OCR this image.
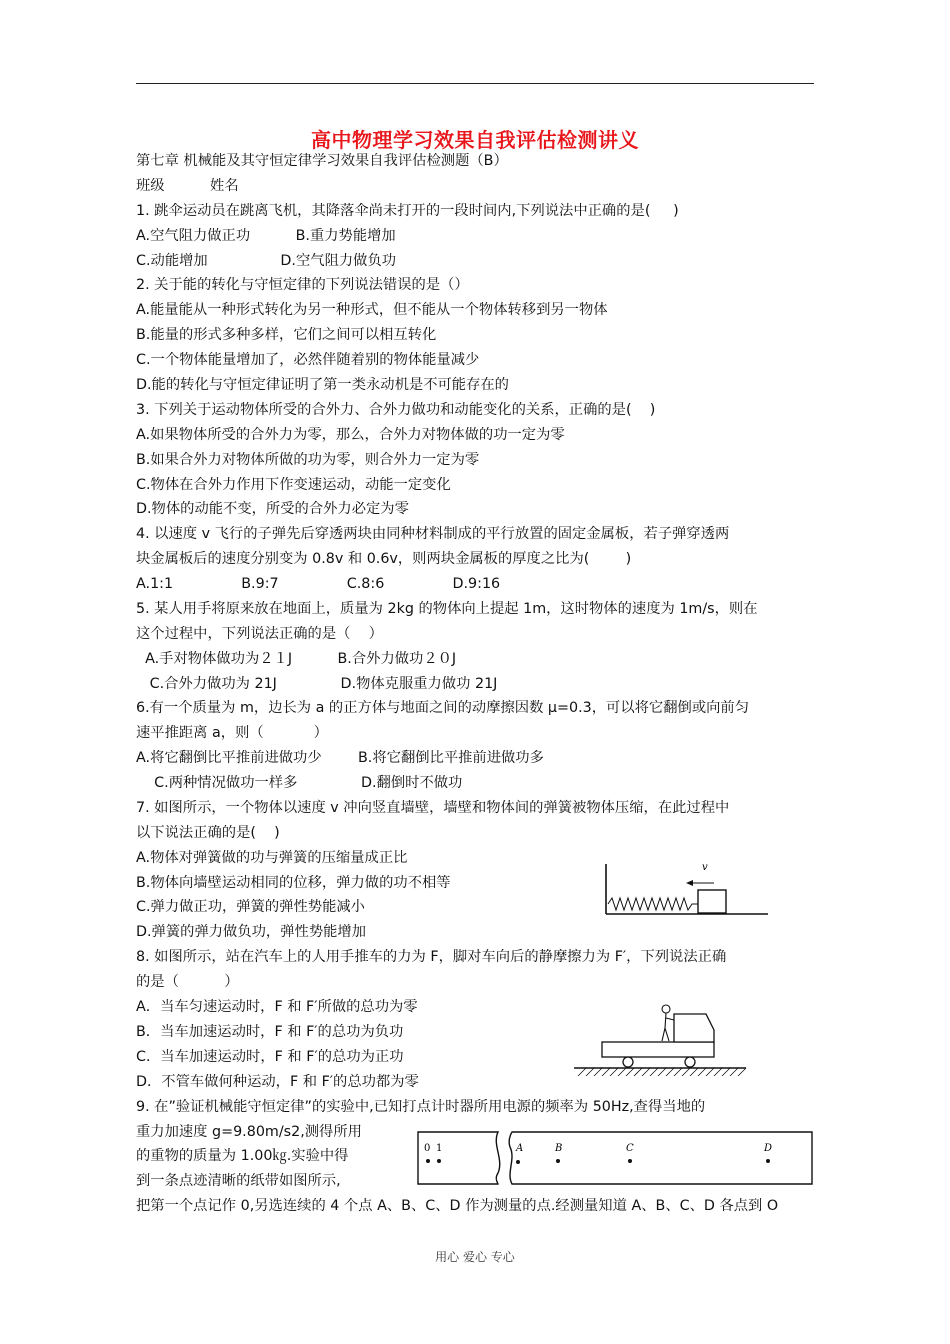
高中物理学习效果自我评估检测讲义
第七章 机械能及其守恒定律学习效果自我评估检测题（B）
班级          姓名
1. 跳伞运动员在跳离飞机，其降落伞尚未打开的一段时间内,下列说法中正确的是(     )
A.空气阻力做正功          B.重力势能增加
C.动能增加                D.空气阻力做负功
2. 关于能的转化与守恒定律的下列说法错误的是（）
A.能量能从一种形式转化为另一种形式，但不能从一个物体转移到另一物体
B.能量的形式多种多样，它们之间可以相互转化
C.一个物体能量增加了，必然伴随着别的物体能量减少
D.能的转化与守恒定律证明了第一类永动机是不可能存在的
3. 下列关于运动物体所受的合外力、合外力做功和动能变化的关系，正确的是(    )
A.如果物体所受的合外力为零，那么，合外力对物体做的功一定为零
B.如果合外力对物体所做的功为零，则合外力一定为零
C.物体在合外力作用下作变速运动，动能一定变化
D.物体的动能不变，所受的合外力必定为零
4. 以速度 v 飞行的子弹先后穿透两块由同种材料制成的平行放置的固定金属板，若子弹穿透两
块金属板后的速度分别变为 0.8v 和 0.6v，则两块金属板的厚度之比为(        )
A.1:1               B.9:7               C.8:6               D.9:16
5. 某人用手将原来放在地面上，质量为 2kg 的物体向上提起 1m，这时物体的速度为 1m/s，则在
这个过程中，下列说法正确的是（    ）
A.手对物体做功为２１J          B.合外力做功２０J
C.合外力做功为 21J              D.物体克服重力做功 21J
6.有一个质量为 m，边长为 a 的正方体与地面之间的动摩擦因数 μ=0.3，可以将它翻倒或向前匀
速平推距离 a，则（           ）
A.将它翻倒比平推前进做功少        B.将它翻倒比平推前进做功多
C.两种情况做功一样多              D.翻倒时不做功
7. 如图所示，一个物体以速度 v 冲向竖直墙壁，墙壁和物体间的弹簧被物体压缩，在此过程中
以下说法正确的是(    )
A.物体对弹簧做的功与弹簧的压缩量成正比
B.物体向墙壁运动相同的位移，弹力做的功不相等
C.弹力做正功，弹簧的弹性势能减小
D.弹簧的弹力做负功，弹性势能增加
v
8. 如图所示，站在汽车上的人用手推车的力为 F，脚对车向后的静摩擦力为 F′，下列说法正确
的是（          ）
A．当车匀速运动时，F 和 F′所做的总功为零
B．当车加速运动时，F 和 F′的总功为负功
C．当车加速运动时，F 和 F′的总功为正功
D．不管车做何种运动，F 和 F′的总功都为零
9. 在”验证机械能守恒定律”的实验中,已知打点计时器所用电源的频率为 50Hz,查得当地的
重力加速度 g=9.80m/s2,测得所用
的重物的质量为 1.00㎏.实验中得
到一条点迹清晰的纸带如图所示,
把第一个点记作 0,另选连续的 4 个点 A、B、C、D 作为测量的点.经测量知道 A、B、C、D 各点到 O
0 1	A	B	C	D
用心 爱心 专心
